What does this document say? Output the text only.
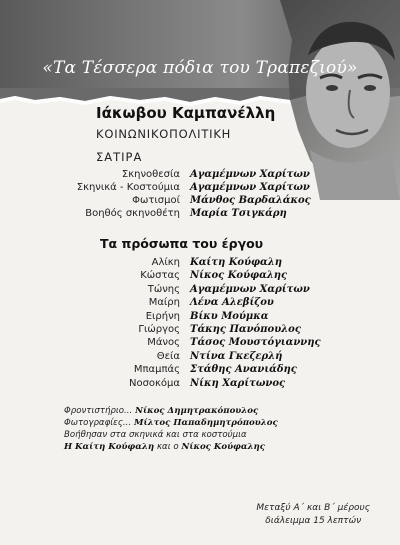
«Τα Τέσσερα πόδια του Τραπεζιού»
Ιάκωβου Καμπανέλλη
ΚΟΙΝΩΝΙΚΟΠΟΛΙΤΙΚΗ
ΣΑΤΙΡΑ
Σκηνοθεσία	Αγαμέμνων Χαρίτων
Σκηνικά - Κοστούμια	Αγαμέμνων Χαρίτων
Φωτισμοί	Μάνθος Βαρδαλάκος
Βοηθός σκηνοθέτη	Μαρία Τσιγκάρη
Τα πρόσωπα του έργου
Αλίκη	Καίτη Κούφαλη
Κώστας	Νίκος Κούφαλης
Τώνης	Αγαμέμνων Χαρίτων
Μαίρη	Λένα Αλεβίζου
Ειρήνη	Βίκυ Μούμκα
Γιώργος	Τάκης Πανόπουλος
Μάνος	Τάσος Μουστόγιαννης
Θεία	Ντίνα Γκεζερλή
Μπαμπάς	Στάθης Ανανιάδης
Νοσοκόμα	Νίκη Χαρίτωνος
Φροντιστήριο... Νίκος Δημητρακόπουλος
Φωτογραφίες... Μίλτος Παπαδημητρόπουλος
Βοήθησαν στα σκηνικά και στα κοστούμια
Η Καίτη Κούφαλη και ο Νίκος Κούφαλης
Μεταξύ Α΄ και Β΄ μέρους
διάλειμμα 15 λεπτών
